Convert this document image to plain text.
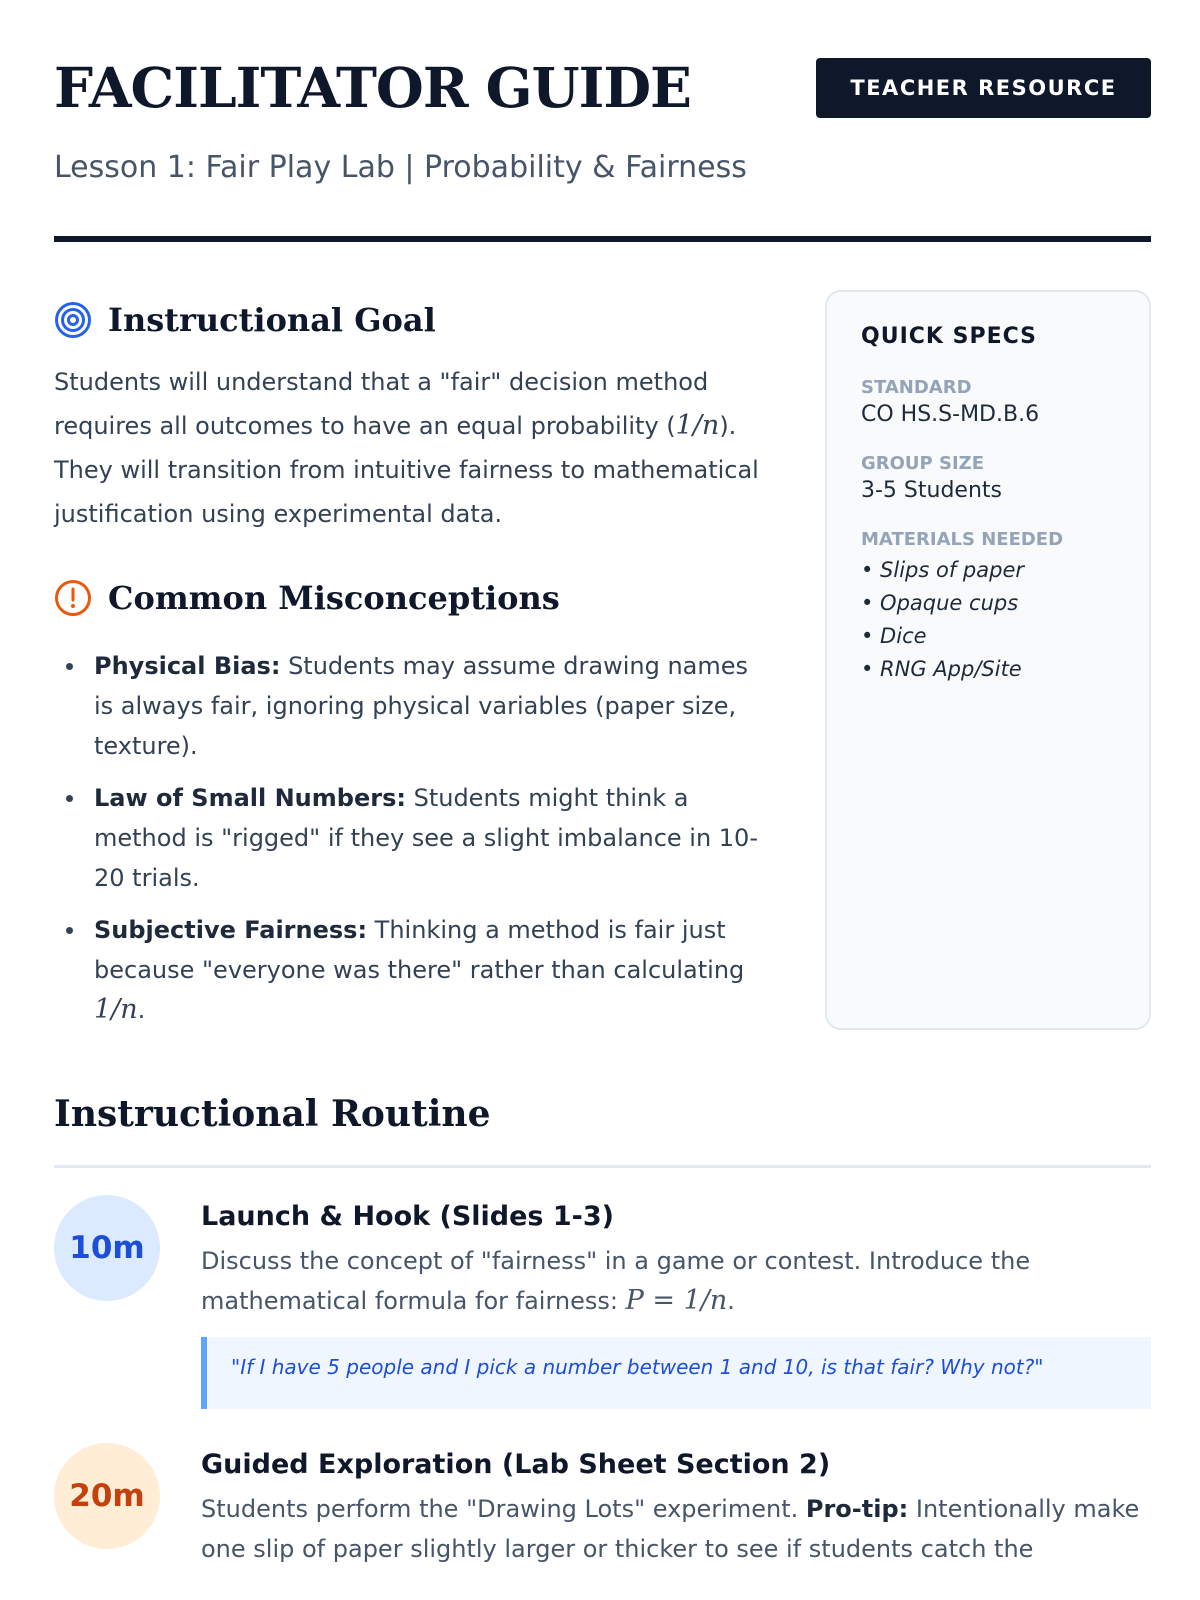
FACILITATOR GUIDE	TEACHER RESOURCE
Lesson 1: Fair Play Lab | Probability & Fairness
Instructional Goal

Students will understand that a "fair" decision method requires all outcomes to have an equal probability (1/n). They will transition from intuitive fairness to mathematical justification using experimental data.

Common Misconceptions
Physical Bias: Students may assume drawing names is always fair, ignoring physical variables (paper size, texture).
Law of Small Numbers: Students might think a method is "rigged" if they see a slight imbalance in 10-20 trials.
Subjective Fairness: Thinking a method is fair just because "everyone was there" rather than calculating 1/n.
QUICK SPECS
STANDARD
CO HS.S-MD.B.6
GROUP SIZE
3-5 Students
MATERIALS NEEDED
• Slips of paper
• Opaque cups
• Dice
• RNG App/Site
Instructional Routine
10m
Launch & Hook (Slides 1-3)

Discuss the concept of "fairness" in a game or contest. Introduce the mathematical formula for fairness: P = 1/n.

"If I have 5 people and I pick a number between 1 and 10, is that fair? Why not?"
20m
Guided Exploration (Lab Sheet Section 2)

Students perform the "Drawing Lots" experiment. Pro-tip: Intentionally make one slip of paper slightly larger or thicker to see if students catch the
